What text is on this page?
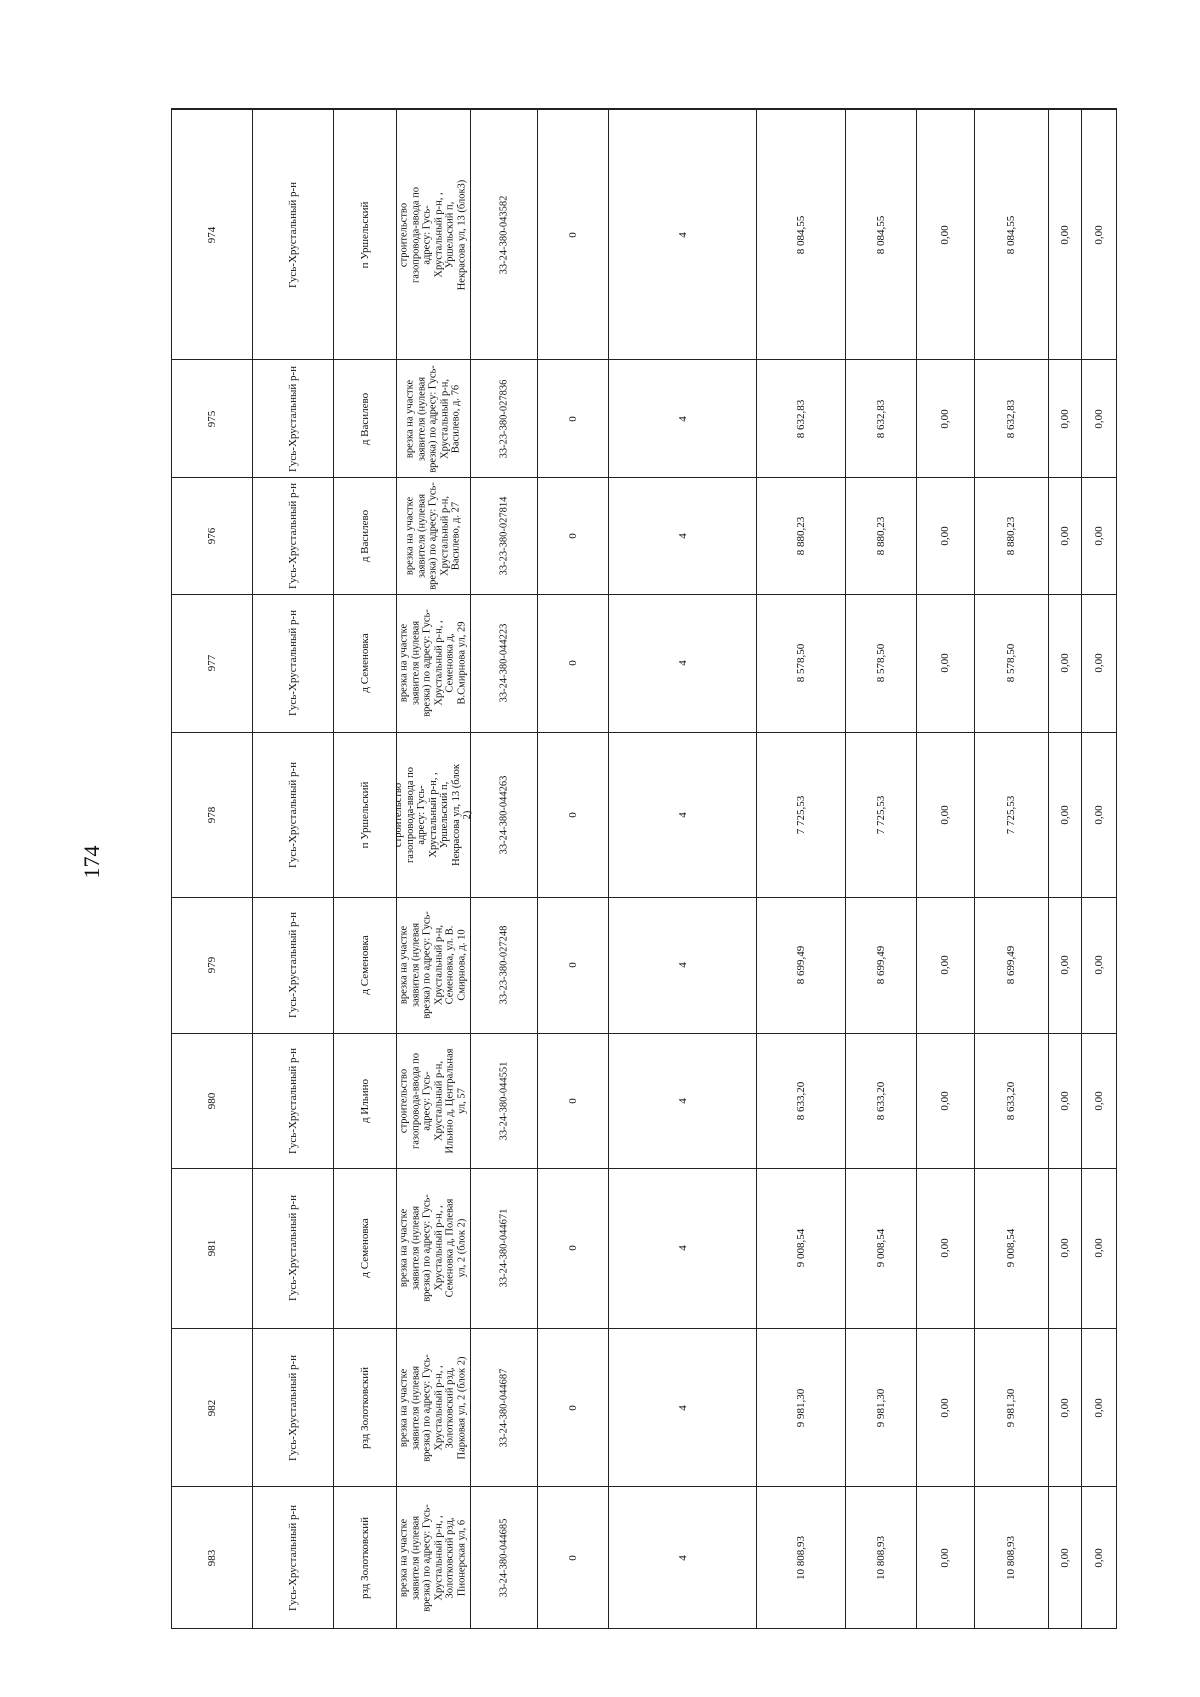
174
974	Гусь-Хрустальный р-н	п Уршельский	строительство газопровода-ввода по адресу: Гусь-Хрустальный р-н, , Уршельский п, Некрасова ул, 13 (блок3)	33-24-380-043582	0	4	8 084,55	8 084,55	0,00	8 084,55	0,00	0,00

975	Гусь-Хрустальный р-н	д Василево	врезка на участке заявителя (нулевая врезка) по адресу: Гусь-Хрустальный р-н, Василево, д. 76	33-23-380-027836	0	4	8 632,83	8 632,83	0,00	8 632,83	0,00	0,00

976	Гусь-Хрустальный р-н	д Василево	врезка на участке заявителя (нулевая врезка) по адресу: Гусь-Хрустальный р-н, Василево, д. 27	33-23-380-027814	0	4	8 880,23	8 880,23	0,00	8 880,23	0,00	0,00

977	Гусь-Хрустальный р-н	д Семеновка	врезка на участке заявителя (нулевая врезка) по адресу: Гусь-Хрустальный р-н, , Семеновка д, В.Смирнова ул, 29	33-24-380-044223	0	4	8 578,50	8 578,50	0,00	8 578,50	0,00	0,00

978	Гусь-Хрустальный р-н	п Уршельский	строительство газопровода-ввода по адресу: Гусь-Хрустальный р-н, , Уршельский п, Некрасова ул, 13 (блок 2)	33-24-380-044263	0	4	7 725,53	7 725,53	0,00	7 725,53	0,00	0,00

979	Гусь-Хрустальный р-н	д Семеновка	врезка на участке заявителя (нулевая врезка) по адресу: Гусь-Хрустальный р-н, Семеновка, ул. В. Смирнова, д. 10	33-23-380-027248	0	4	8 699,49	8 699,49	0,00	8 699,49	0,00	0,00

980	Гусь-Хрустальный р-н	д Ильино	строительство газопровода-ввода по адресу: Гусь-Хрустальный р-н, Ильино д, Центральная ул, 57	33-24-380-044551	0	4	8 633,20	8 633,20	0,00	8 633,20	0,00	0,00

981	Гусь-Хрустальный р-н	д Семеновка	врезка на участке заявителя (нулевая врезка) по адресу: Гусь-Хрустальный р-н, , Семеновка д, Полевая ул, 2 (блок 2)	33-24-380-044671	0	4	9 008,54	9 008,54	0,00	9 008,54	0,00	0,00

982	Гусь-Хрустальный р-н	рзд Золотковский	врезка на участке заявителя (нулевая врезка) по адресу: Гусь-Хрустальный р-н, , Золотковский рзд, Парковая ул, 2 (блок 2)	33-24-380-044687	0	4	9 981,30	9 981,30	0,00	9 981,30	0,00	0,00

983	Гусь-Хрустальный р-н	рзд Золотковский	врезка на участке заявителя (нулевая врезка) по адресу: Гусь-Хрустальный р-н, , Золотковский рзд, Пионерская ул, 6	33-24-380-044685	0	4	10 808,93	10 808,93	0,00	10 808,93	0,00	0,00
